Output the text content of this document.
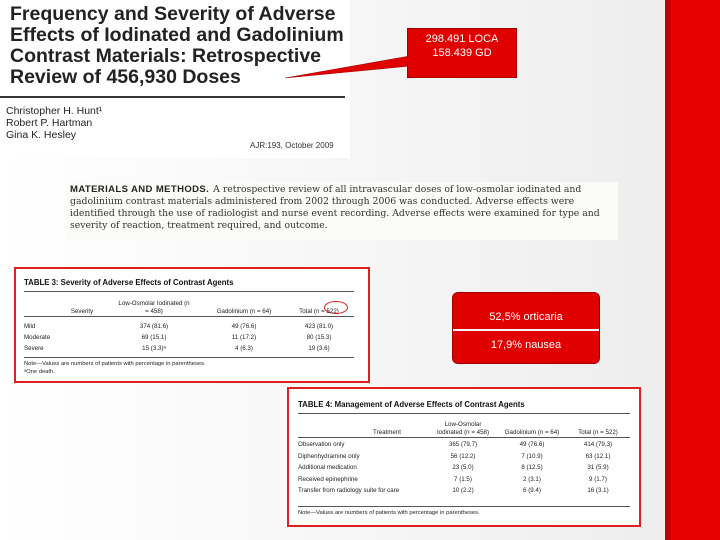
Frequency and Severity of Adverse Effects of Iodinated and Gadolinium Contrast Materials: Retrospective Review of 456,930 Doses
Christopher H. Hunt¹
Robert P. Hartman
Gina K. Hesley
AJR:193, October 2009
298.491 LOCA
158.439 GD
MATERIALS AND METHODS. A retrospective review of all intravascular doses of low-osmolar iodinated and gadolinium contrast materials administered from 2002 through 2006 was conducted. Adverse effects were identified through the use of radiologist and nurse event recording. Adverse effects were examined for type and severity of reaction, treatment required, and outcome.
TABLE 3: Severity of Adverse Effects of Contrast Agents
Severity	Low-Osmolar Iodinated (n = 458)	Gadolinium (n = 64)	Total (n = 522)

Mild	374 (81.6)	49 (76.6)	423 (81.0)
Moderate	69 (15.1)	11 (17.2)	80 (15.3)
Severe	15 (3.3)ᵃ	4 (6.3)	19 (3.6)
Note—Values are numbers of patients with percentage in parentheses.
ᵃOne death.
52,5% orticaria
17,9% nausea
TABLE 4: Management of Adverse Effects of Contrast Agents
Treatment	Low-Osmolar Iodinated (n = 458)	Gadolinium (n = 64)	Total (n = 522)

Observation only	365 (79.7)	49 (76.6)	414 (79.3)
Diphenhydramine only	56 (12.2)	7 (10.9)	63 (12.1)
Additional medication	23 (5.0)	8 (12.5)	31 (5.9)
Received epinephrine	7 (1.5)	2 (3.1)	9 (1.7)
Transfer from radiology suite for care	10 (2.2)	6 (9.4)	16 (3.1)
Note—Values are numbers of patients with percentage in parentheses.
